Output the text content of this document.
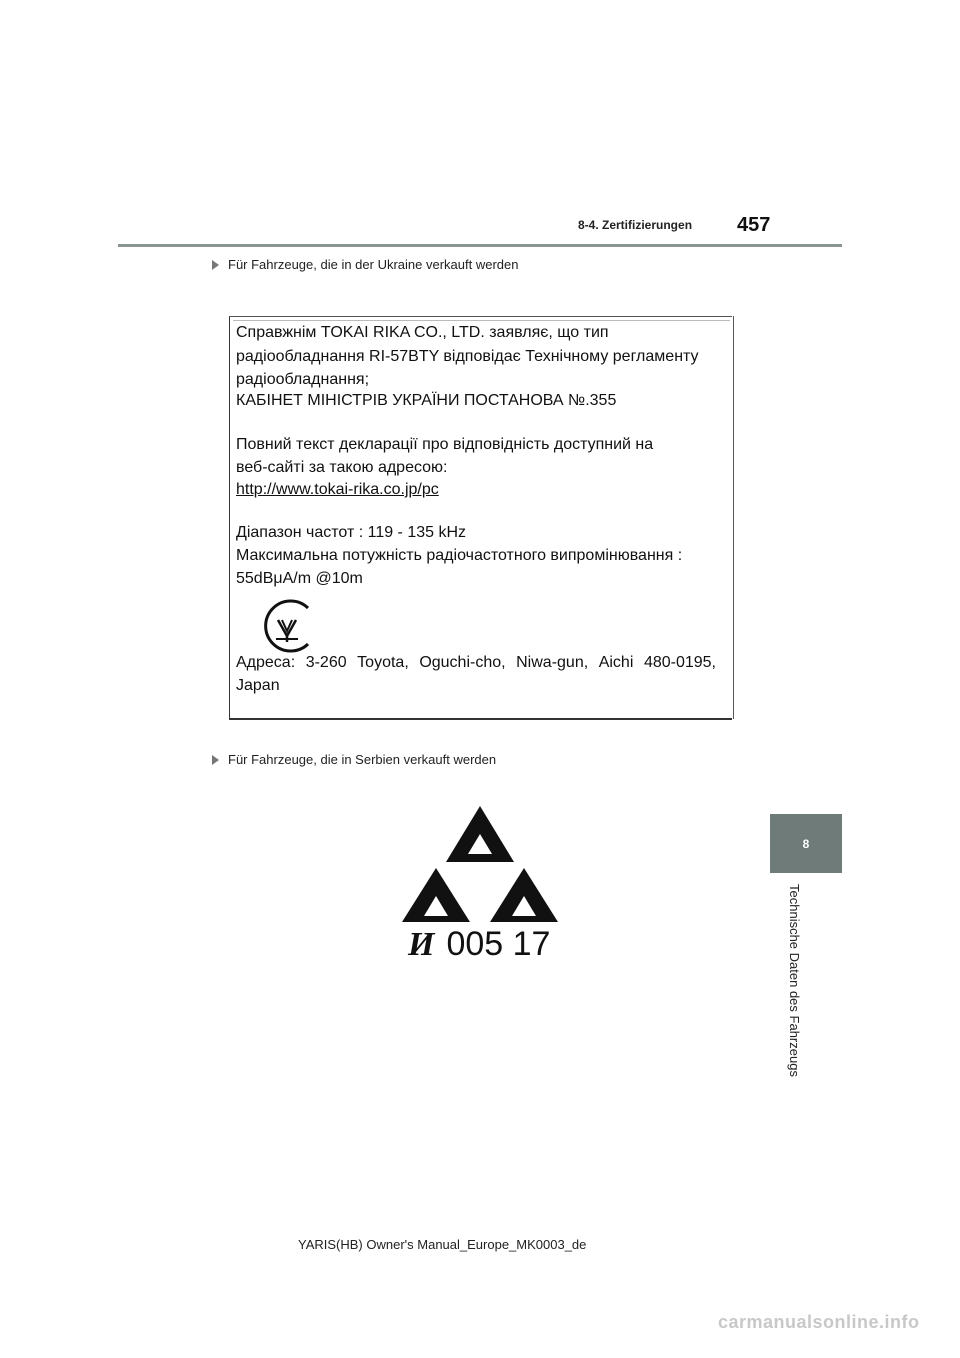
8-4. Zertifizierungen 457
Für Fahrzeuge, die in der Ukraine verkauft werden
Справжнім TOKAI RIKA CO., LTD. заявляє, що тип
радіообладнання RI-57BTY відповідає Технічному регламенту
радіообладнання;
КАБІНЕТ МІНІСТРІВ УКРАЇНИ ПОСТАНОВА №.355
Повний текст декларації про відповідність доступний на
веб-сайті за такою адресою:
http://www.tokai-rika.co.jp/pc
Діапазон частот : 119 - 135 kHz
Максимальна потужність радіочастотного випромінювання :
55dBμA/m @10m
Адреса: 3-260 Toyota, Oguchi-cho, Niwa-gun, Aichi 480-0195,
Japan
Für Fahrzeuge, die in Serbien verkauft werden
И 005 17
8
Technische Daten des Fahrzeugs
YARIS(HB) Owner's Manual_Europe_MK0003_de
carmanualsonline.info
